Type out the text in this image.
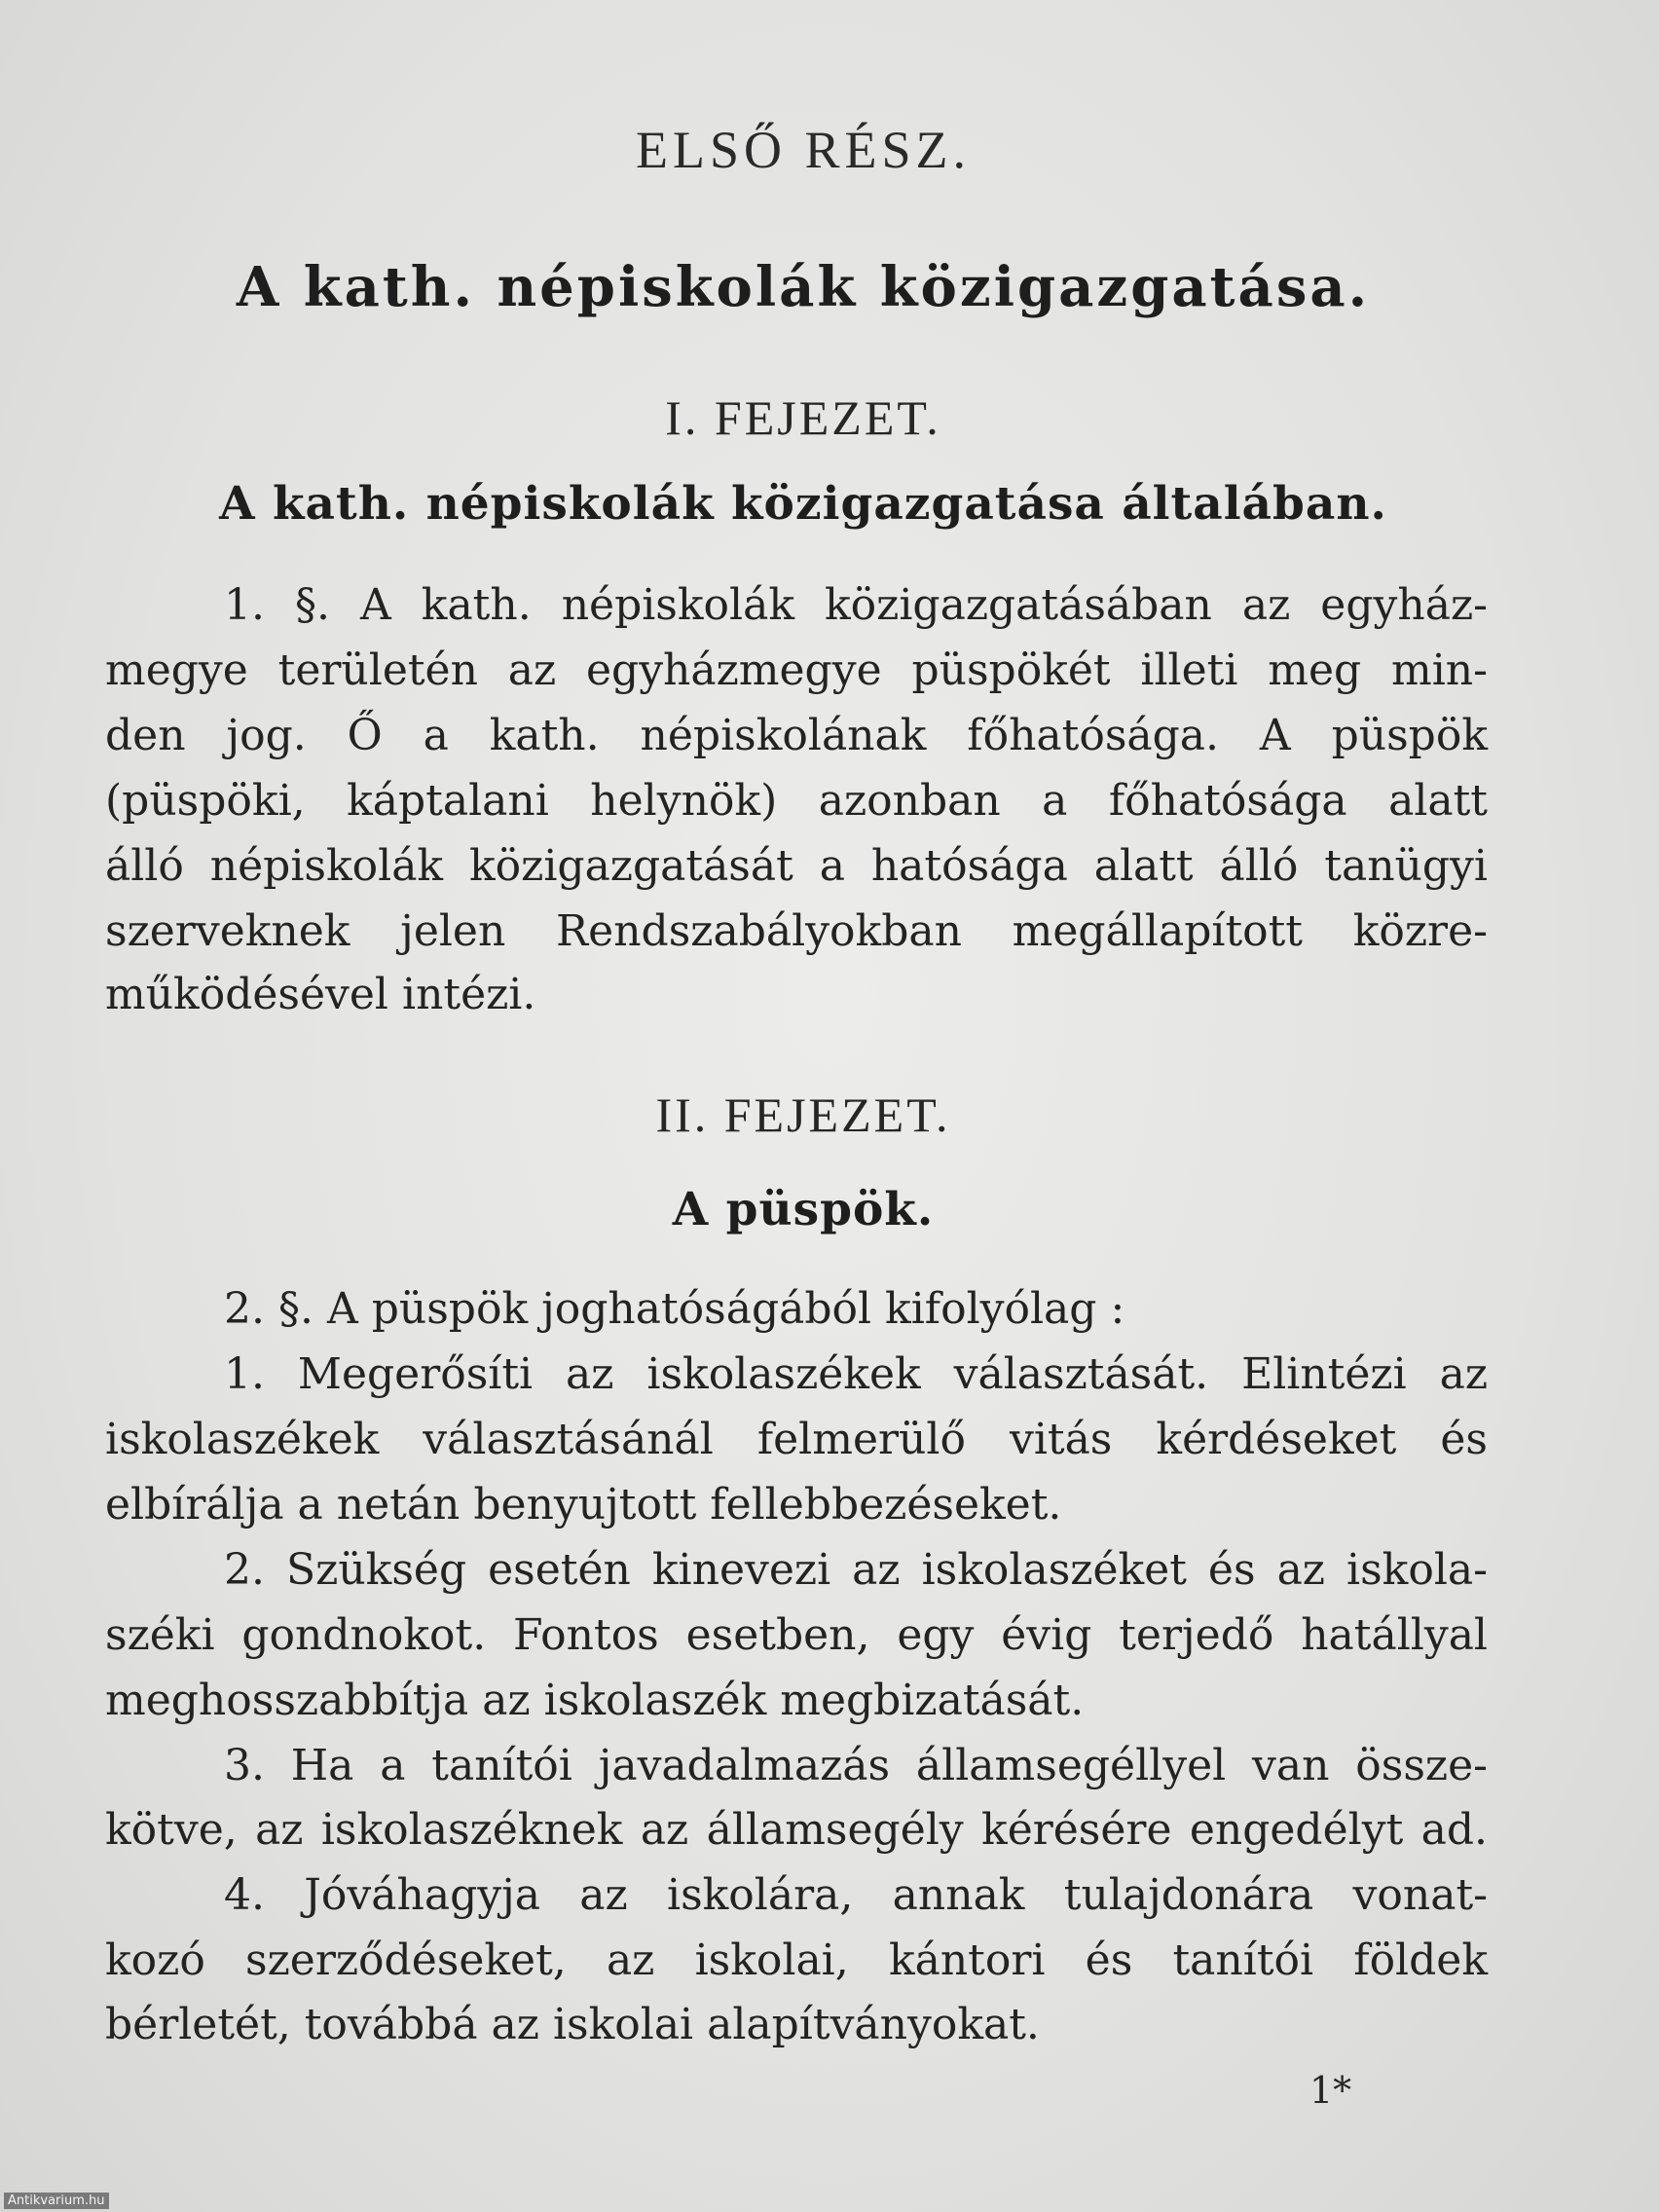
ELSŐ RÉSZ.
A kath. népiskolák közigazgatása.
I. FEJEZET.
A kath. népiskolák közigazgatása általában.
1. §. A kath. népiskolák közigazgatásában az egyház-
megye területén az egyházmegye püspökét illeti meg min-
den jog. Ő a kath. népiskolának főhatósága. A püspök
(püspöki, káptalani helynök) azonban a főhatósága alatt
álló népiskolák közigazgatását a hatósága alatt álló tanügyi
szerveknek jelen Rendszabályokban megállapított közre-
működésével intézi.
II. FEJEZET.
A püspök.
2. §. A püspök joghatóságából kifolyólag :
1. Megerősíti az iskolaszékek választását. Elintézi az
iskolaszékek választásánál felmerülő vitás kérdéseket és
elbírálja a netán benyujtott fellebbezéseket.
2. Szükség esetén kinevezi az iskolaszéket és az iskola-
széki gondnokot. Fontos esetben, egy évig terjedő hatállyal
meghosszabbítja az iskolaszék megbizatását.
3. Ha a tanítói javadalmazás államsegéllyel van össze-
kötve, az iskolaszéknek az államsegély kérésére engedélyt ad.
4. Jóváhagyja az iskolára, annak tulajdonára vonat-
kozó szerződéseket, az iskolai, kántori és tanítói földek
bérletét, továbbá az iskolai alapítványokat.
1*
Antikvarium.hu
